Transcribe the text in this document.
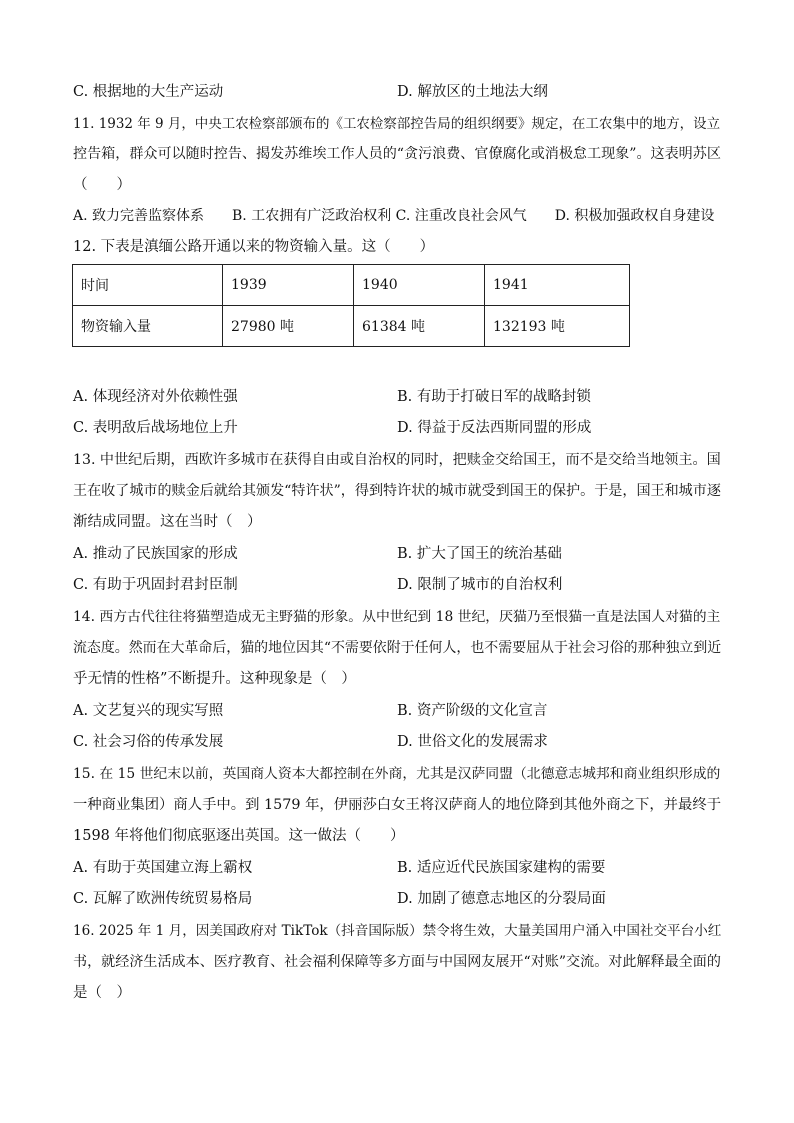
C. 根据地的大生产运动	D. 解放区的土地法大纲
11. 1932 年 9 月，中央工农检察部颁布的《工农检察部控告局的组织纲要》规定，在工农集中的地方，设立
控告箱，群众可以随时控告、揭发苏维埃工作人员的“贪污浪费、官僚腐化或消极怠工现象”。这表明苏区
（　　）
A. 致力完善监察体系　　B. 工农拥有广泛政治权利 C. 注重改良社会风气　　D. 积极加强政权自身建设
12. 下表是滇缅公路开通以来的物资输入量。这（　　）
时间	1939	1940	1941
物资输入量	27980 吨	61384 吨	132193 吨
A. 体现经济对外依赖性强	B. 有助于打破日军的战略封锁
C. 表明敌后战场地位上升	D. 得益于反法西斯同盟的形成
13. 中世纪后期，西欧许多城市在获得自由或自治权的同时，把赎金交给国王，而不是交给当地领主。国
王在收了城市的赎金后就给其颁发“特许状”，得到特许状的城市就受到国王的保护。于是，国王和城市逐
渐结成同盟。这在当时（　）
A. 推动了民族国家的形成	B. 扩大了国王的统治基础
C. 有助于巩固封君封臣制	D. 限制了城市的自治权利
14. 西方古代往往将猫塑造成无主野猫的形象。从中世纪到 18 世纪，厌猫乃至恨猫一直是法国人对猫的主
流态度。然而在大革命后，猫的地位因其“不需要依附于任何人，也不需要屈从于社会习俗的那种独立到近
乎无情的性格”不断提升。这种现象是（　）
A. 文艺复兴的现实写照	B. 资产阶级的文化宣言
C. 社会习俗的传承发展	D. 世俗文化的发展需求
15. 在 15 世纪末以前，英国商人资本大都控制在外商，尤其是汉萨同盟（北德意志城邦和商业组织形成的
一种商业集团）商人手中。到 1579 年，伊丽莎白女王将汉萨商人的地位降到其他外商之下，并最终于
1598 年将他们彻底驱逐出英国。这一做法（　　）
A. 有助于英国建立海上霸权	B. 适应近代民族国家建构的需要
C. 瓦解了欧洲传统贸易格局	D. 加剧了德意志地区的分裂局面
16. 2025 年 1 月，因美国政府对 TikTok（抖音国际版）禁令将生效，大量美国用户涌入中国社交平台小红
书，就经济生活成本、医疗教育、社会福利保障等多方面与中国网友展开“对账”交流。对此解释最全面的
是（　）
